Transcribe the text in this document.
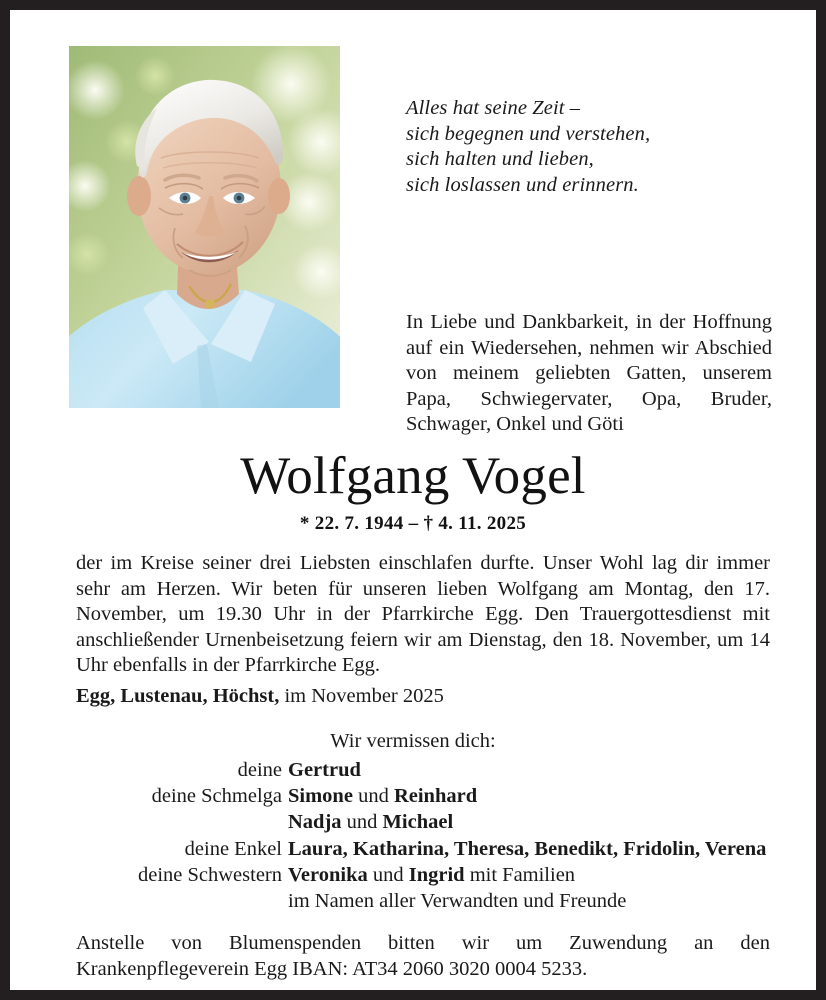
Alles hat seine Zeit –
sich begegnen und verstehen,
sich halten und lieben,
sich loslassen und erinnern.
In Liebe und Dankbarkeit, in der Hoffnung auf ein Wiedersehen, nehmen wir Abschied von meinem geliebten Gatten, unserem Papa, Schwiegervater, Opa, Bruder, Schwager, Onkel und Göti
Wolfgang Vogel
* 22. 7. 1944 – † 4. 11. 2025
der im Kreise seiner drei Liebsten einschlafen durfte. Unser Wohl lag dir immer sehr am Herzen. Wir beten für unseren lieben Wolfgang am Montag, den 17. November, um 19.30 Uhr in der Pfarrkirche Egg. Den Trauergottesdienst mit anschließender Urnenbeisetzung feiern wir am Dienstag, den 18. November, um 14 Uhr ebenfalls in der Pfarrkirche Egg.
Egg, Lustenau, Höchst, im November 2025
Wir vermissen dich:
deine	Gertrud
deine Schmelga	Simone und Reinhard
	Nadja und Michael
deine Enkel	Laura, Katharina, Theresa, Benedikt, Fridolin, Verena
deine Schwestern	Veronika und Ingrid mit Familien
	im Namen aller Verwandten und Freunde
Anstelle von Blumenspenden bitten wir um Zuwendung an den Krankenpflegeverein Egg IBAN: AT34 2060 3020 0004 5233.
